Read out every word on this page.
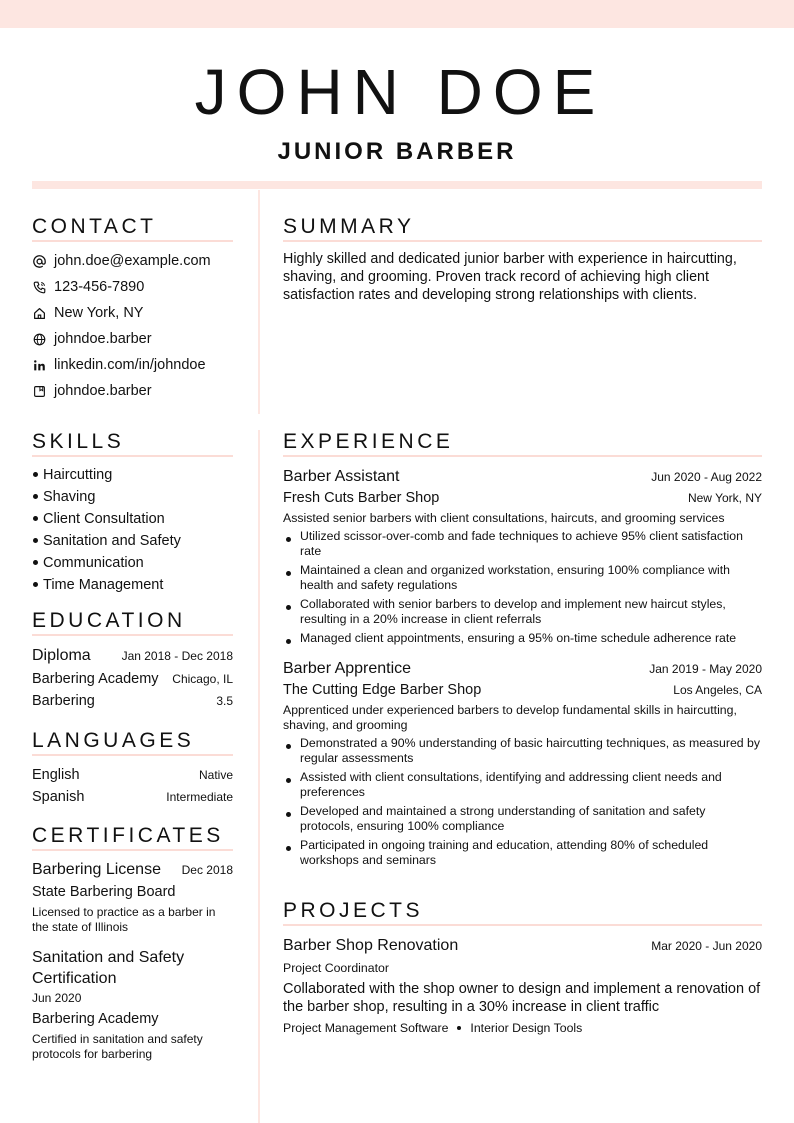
JOHN DOE
JUNIOR BARBER
CONTACT
john.doe@example.com
123-456-7890
New York, NY
johndoe.barber
linkedin.com/in/johndoe
johndoe.barber
SUMMARY
Highly skilled and dedicated junior barber with experience in haircutting, shaving, and grooming. Proven track record of achieving high client satisfaction rates and developing strong relationships with clients.
SKILLS
Haircutting
Shaving
Client Consultation
Sanitation and Safety
Communication
Time Management
EDUCATION
Diploma	Jan 2018 - Dec 2018
Barbering Academy Chicago, IL
Barbering	3.5
LANGUAGES
English	Native
Spanish	Intermediate
CERTIFICATES
Barbering License Dec 2018
State Barbering Board
Licensed to practice as a barber in the state of Illinois
Sanitation and Safety Certification
Jun 2020
Barbering Academy
Certified in sanitation and safety protocols for barbering
EXPERIENCE
Barber Assistant	Jun 2020 - Aug 2022
Fresh Cuts Barber Shop	New York, NY
Assisted senior barbers with client consultations, haircuts, and grooming services
Utilized scissor-over-comb and fade techniques to achieve 95% client satisfaction rate
Maintained a clean and organized workstation, ensuring 100% compliance with health and safety regulations
Collaborated with senior barbers to develop and implement new haircut styles, resulting in a 20% increase in client referrals
Managed client appointments, ensuring a 95% on-time schedule adherence rate
Barber Apprentice	Jan 2019 - May 2020
The Cutting Edge Barber Shop	Los Angeles, CA
Apprenticed under experienced barbers to develop fundamental skills in haircutting, shaving, and grooming
Demonstrated a 90% understanding of basic haircutting techniques, as measured by regular assessments
Assisted with client consultations, identifying and addressing client needs and preferences
Developed and maintained a strong understanding of sanitation and safety protocols, ensuring 100% compliance
Participated in ongoing training and education, attending 80% of scheduled workshops and seminars
PROJECTS
Barber Shop Renovation	Mar 2020 - Jun 2020
Project Coordinator
Collaborated with the shop owner to design and implement a renovation of the barber shop, resulting in a 30% increase in client traffic
Project Management Software Interior Design Tools
